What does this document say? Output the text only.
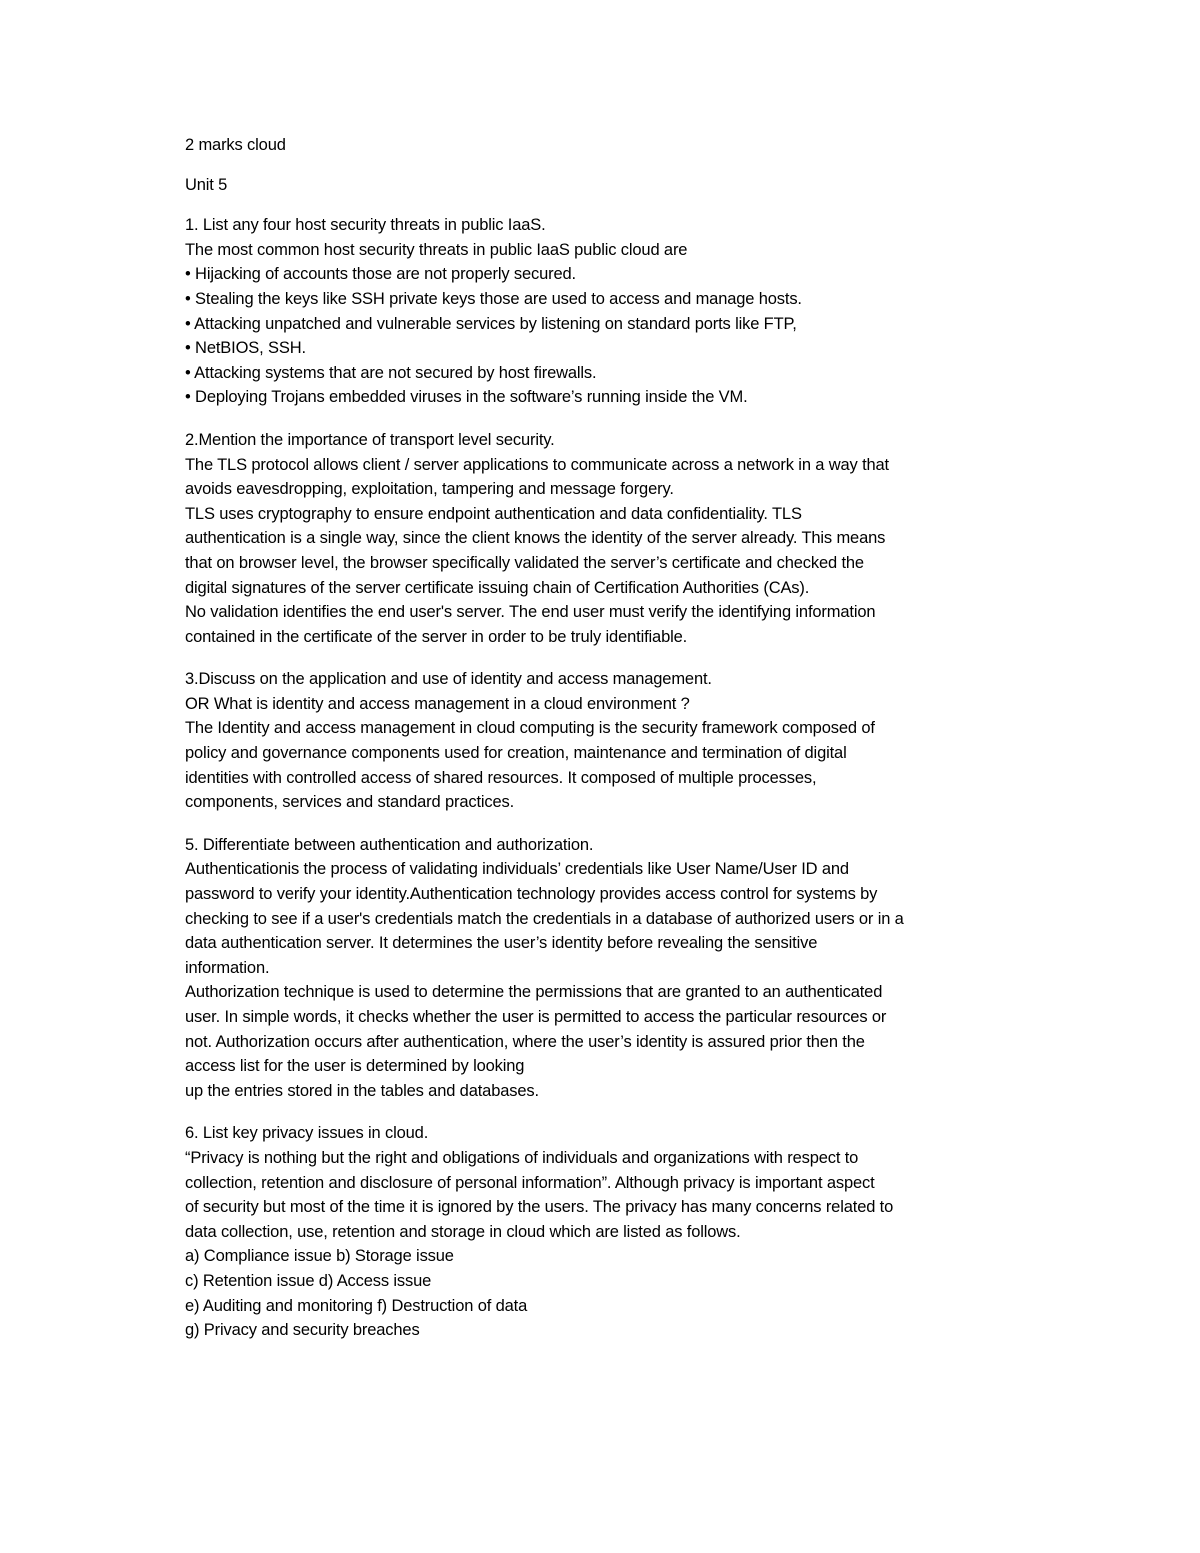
2 marks cloud
Unit 5
1. List any four host security threats in public IaaS.
The most common host security threats in public IaaS public cloud are
• Hijacking of accounts those are not properly secured.
• Stealing the keys like SSH private keys those are used to access and manage hosts.
• Attacking unpatched and vulnerable services by listening on standard ports like FTP,
• NetBIOS, SSH.
• Attacking systems that are not secured by host firewalls.
• Deploying Trojans embedded viruses in the software’s running inside the VM.
2.Mention the importance of transport level security.
The TLS protocol allows client / server applications to communicate across a network in a way that
avoids eavesdropping, exploitation, tampering and message forgery.
TLS uses cryptography to ensure endpoint authentication and data confidentiality. TLS
authentication is a single way, since the client knows the identity of the server already. This means
that on browser level, the browser specifically validated the server’s certificate and checked the
digital signatures of the server certificate issuing chain of Certification Authorities (CAs).
No validation identifies the end user's server. The end user must verify the identifying information
contained in the certificate of the server in order to be truly identifiable.
3.Discuss on the application and use of identity and access management.
OR What is identity and access management in a cloud environment ?
The Identity and access management in cloud computing is the security framework composed of
policy and governance components used for creation, maintenance and termination of digital
identities with controlled access of shared resources. It composed of multiple processes,
components, services and standard practices.
5. Differentiate between authentication and authorization.
Authenticationis the process of validating individuals’ credentials like User Name/User ID and
password to verify your identity.Authentication technology provides access control for systems by
checking to see if a user's credentials match the credentials in a database of authorized users or in a
data authentication server. It determines the user’s identity before revealing the sensitive
information.
Authorization technique is used to determine the permissions that are granted to an authenticated
user. In simple words, it checks whether the user is permitted to access the particular resources or
not. Authorization occurs after authentication, where the user’s identity is assured prior then the
access list for the user is determined by looking
up the entries stored in the tables and databases.
6. List key privacy issues in cloud.
“Privacy is nothing but the right and obligations of individuals and organizations with respect to
collection, retention and disclosure of personal information”. Although privacy is important aspect
of security but most of the time it is ignored by the users. The privacy has many concerns related to
data collection, use, retention and storage in cloud which are listed as follows.
a) Compliance issue b) Storage issue
c) Retention issue d) Access issue
e) Auditing and monitoring f) Destruction of data
g) Privacy and security breaches
